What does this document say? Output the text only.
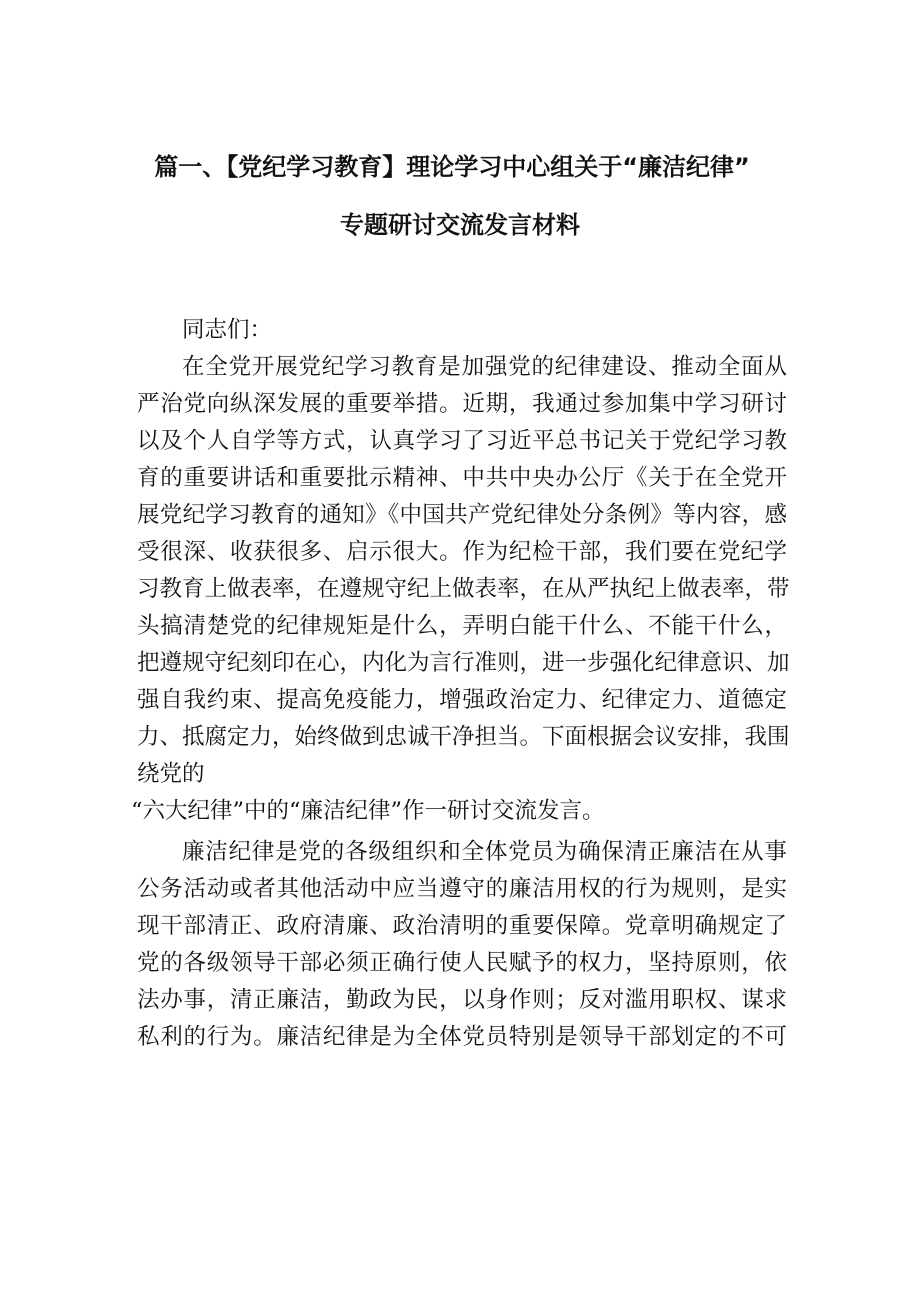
篇一、【党纪学习教育】理论学习中心组关于“廉洁纪律”
专题研讨交流发言材料
同志们：
在全党开展党纪学习教育是加强党的纪律建设、推动全面从
严治党向纵深发展的重要举措。近期，我通过参加集中学习研讨
以及个人自学等方式，认真学习了习近平总书记关于党纪学习教
育的重要讲话和重要批示精神、中共中央办公厅《关于在全党开
展党纪学习教育的通知》《中国共产党纪律处分条例》等内容，感
受很深、收获很多、启示很大。作为纪检干部，我们要在党纪学
习教育上做表率，在遵规守纪上做表率，在从严执纪上做表率，带
头搞清楚党的纪律规矩是什么，弄明白能干什么、不能干什么，
把遵规守纪刻印在心，内化为言行准则，进一步强化纪律意识、加
强自我约束、提高免疫能力，增强政治定力、纪律定力、道德定
力、抵腐定力，始终做到忠诚干净担当。下面根据会议安排，我围
绕党的
“六大纪律”中的“廉洁纪律”作一研讨交流发言。
廉洁纪律是党的各级组织和全体党员为确保清正廉洁在从事
公务活动或者其他活动中应当遵守的廉洁用权的行为规则，是实
现干部清正、政府清廉、政治清明的重要保障。党章明确规定了
党的各级领导干部必须正确行使人民赋予的权力，坚持原则，依
法办事，清正廉洁，勤政为民，以身作则；反对滥用职权、谋求
私利的行为。廉洁纪律是为全体党员特别是领导干部划定的不可
